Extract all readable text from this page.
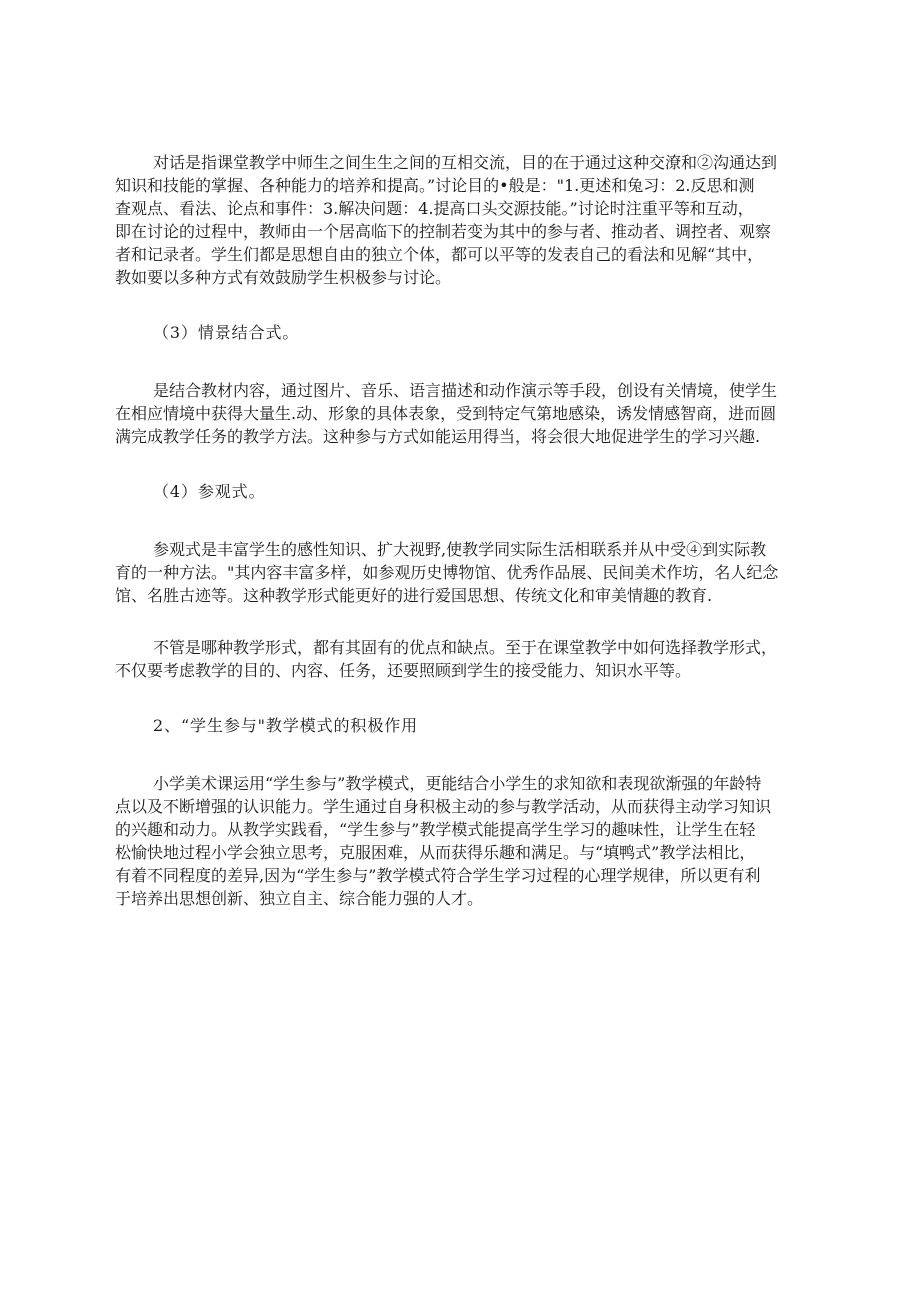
对话是指课堂教学中师生之间生生之间的互相交流，目的在于通过这种交潦和②沟通达到
知识和技能的掌握、各种能力的培养和提高。”讨论目的•般是："1.更述和兔习：2.反思和测
查观点、看法、论点和事件：3.解决问题：4.提高口头交源技能。”讨论时注重平等和互动，
即在讨论的过程中，教师由一个居高临下的控制若变为其中的参与者、推动者、调控者、观察
者和记录者。学生们都是思想自由的独立个体，都可以平等的发表自己的看法和见解“其中，
教如要以多种方式有效鼓励学生枳极参与讨论。
（3）情景结合式。
是结合教材内容，通过图片、音乐、语言描述和动作演示等手段，创设有关情境，使学生
在相应情境中获得大量生.动、形象的具体表象，受到特定气第地感染，诱发情感智商，进而圆
满完成教学任务的教学方法。这种参与方式如能运用得当，将会很大地促进学生的学习兴趣.
（4）参观式。
参观式是丰富学生的感性知识、扩大视野,使教学同实际生活相联系并从中受④到实际教
育的一种方法。"其内容丰富多样，如参观历史博物馆、优秀作品展、民间美术作坊，名人纪念
馆、名胜古迹等。这种教学形式能更好的进行爱国思想、传统文化和审美情趣的教育.
不管是哪种教学形式，都有其固有的优点和缺点。至于在课堂教学中如何选择教学形式，
不仅要考虑教学的目的、内容、任务，还要照顾到学生的接受能力、知识水平等。
2、“学生参与"教学模式的积极作用
小学美术课运用“学生参与”教学模式，更能结合小学生的求知欲和表现欲渐强的年龄特
点以及不断增强的认识能力。学生通过自身积极主动的参与教学活动，从而获得主动学习知识
的兴趣和动力。从教学实践看，“学生参与”教学模式能提高学生学习的趣味性，让学生在轻
松愉快地过程小学会独立思考，克服困难，从而获得乐趣和满足。与“填鸭式”教学法相比，
有着不同程度的差异,因为“学生参与”教学模式符合学生学习过程的心理学规律，所以更有利
于培养出思想创新、独立自主、综合能力强的人才。
